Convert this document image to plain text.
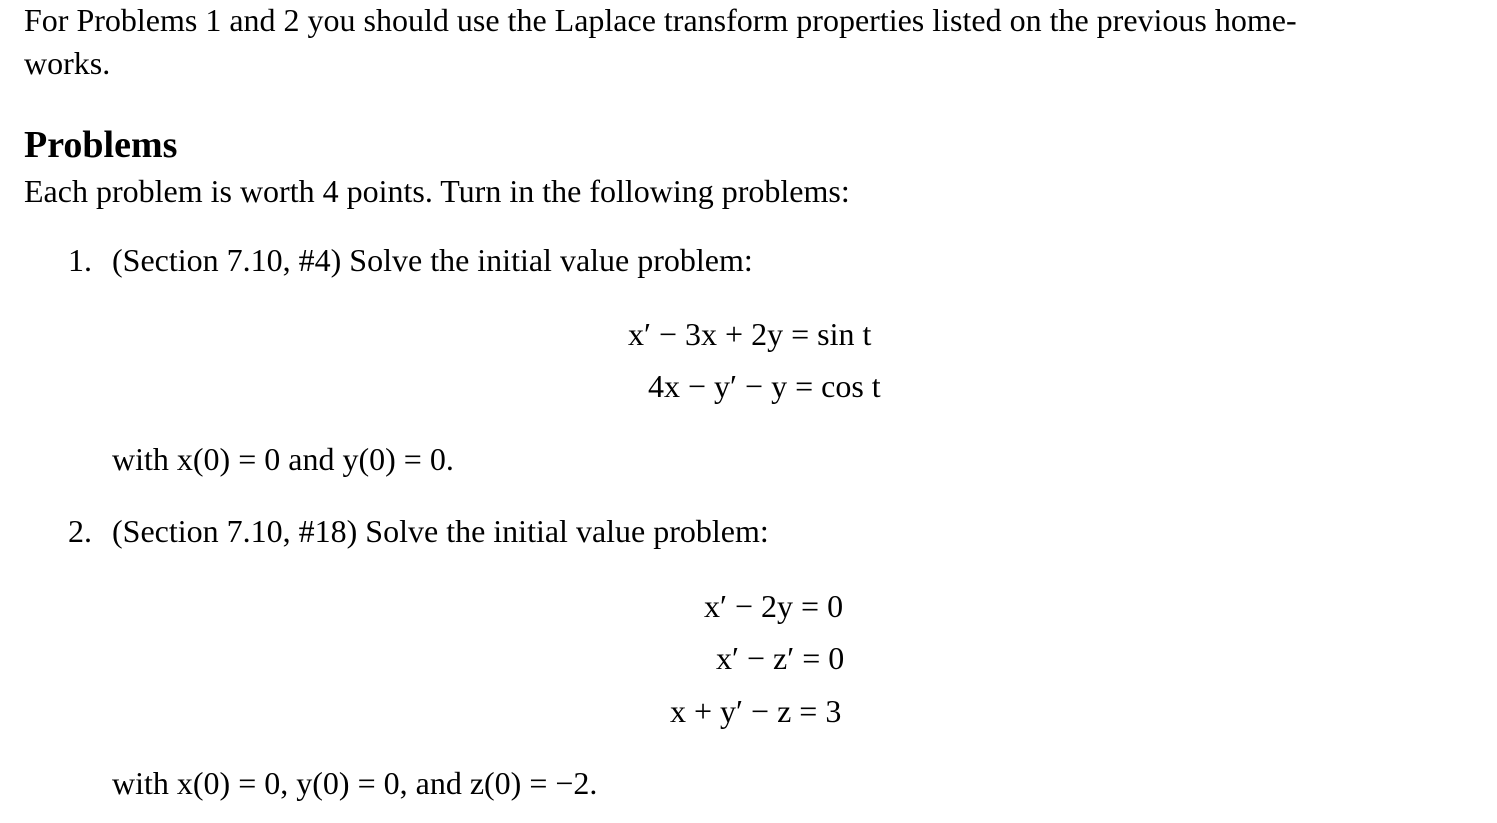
For Problems 1 and 2 you should use the Laplace transform properties listed on the previous home-
works.
Problems
Each problem is worth 4 points. Turn in the following problems:
1. (Section 7.10, #4) Solve the initial value problem:
x′ − 3x + 2y = sin t
4x − y′ − y = cos t
with x(0) = 0 and y(0) = 0.
2. (Section 7.10, #18) Solve the initial value problem:
x′ − 2y = 0
x′ − z′ = 0
x + y′ − z = 3
with x(0) = 0, y(0) = 0, and z(0) = −2.
